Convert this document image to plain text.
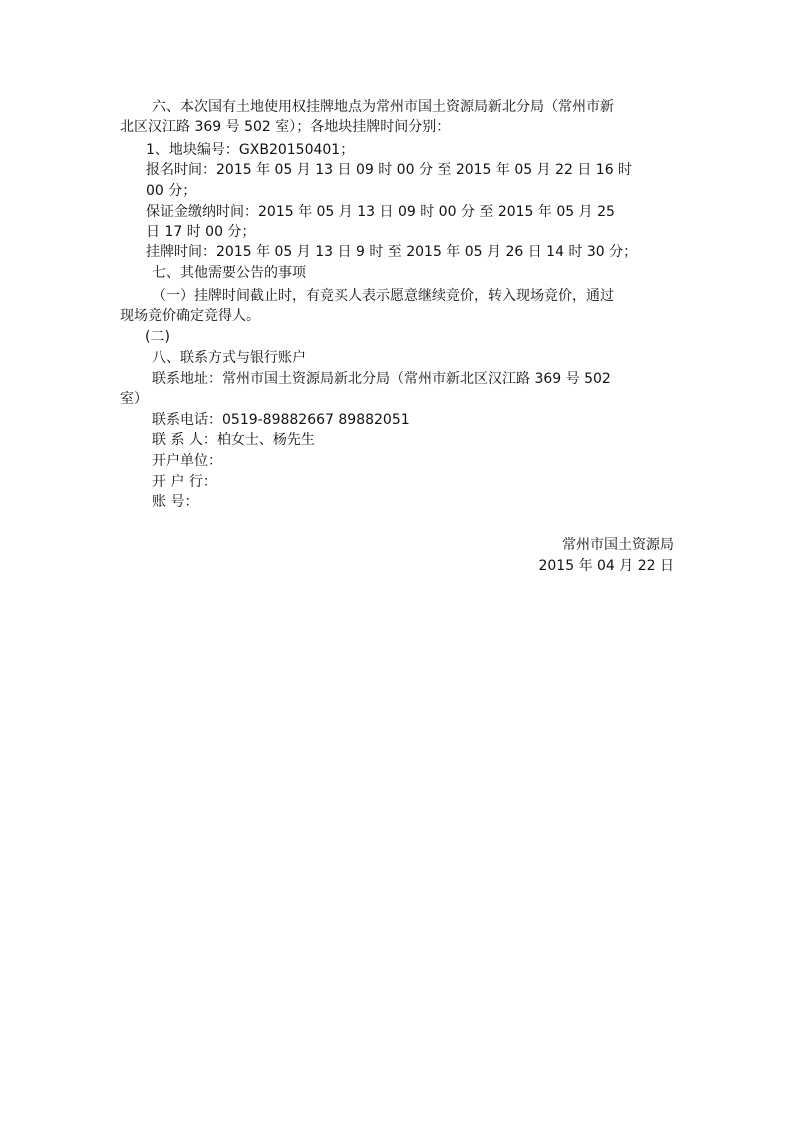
六、本次国有土地使用权挂牌地点为常州市国土资源局新北分局（常州市新
北区汉江路 369 号 502 室）；各地块挂牌时间分别：
1、地块编号：GXB20150401；
报名时间：2015 年 05 月 13 日 09 时 00 分 至 2015 年 05 月 22 日 16 时
00 分；
保证金缴纳时间：2015 年 05 月 13 日 09 时 00 分 至 2015 年 05 月 25
日 17 时 00 分；
挂牌时间：2015 年 05 月 13 日 9 时 至 2015 年 05 月 26 日 14 时 30 分；
七、其他需要公告的事项
（一）挂牌时间截止时，有竞买人表示愿意继续竞价，转入现场竞价，通过
现场竞价确定竞得人。
(二)
八、联系方式与银行账户
联系地址：常州市国土资源局新北分局（常州市新北区汉江路 369 号 502
室）
联系电话：0519-89882667 89882051
联 系 人：柏女士、杨先生
开户单位：
开 户 行：
账 号：
常州市国土资源局
2015 年 04 月 22 日
